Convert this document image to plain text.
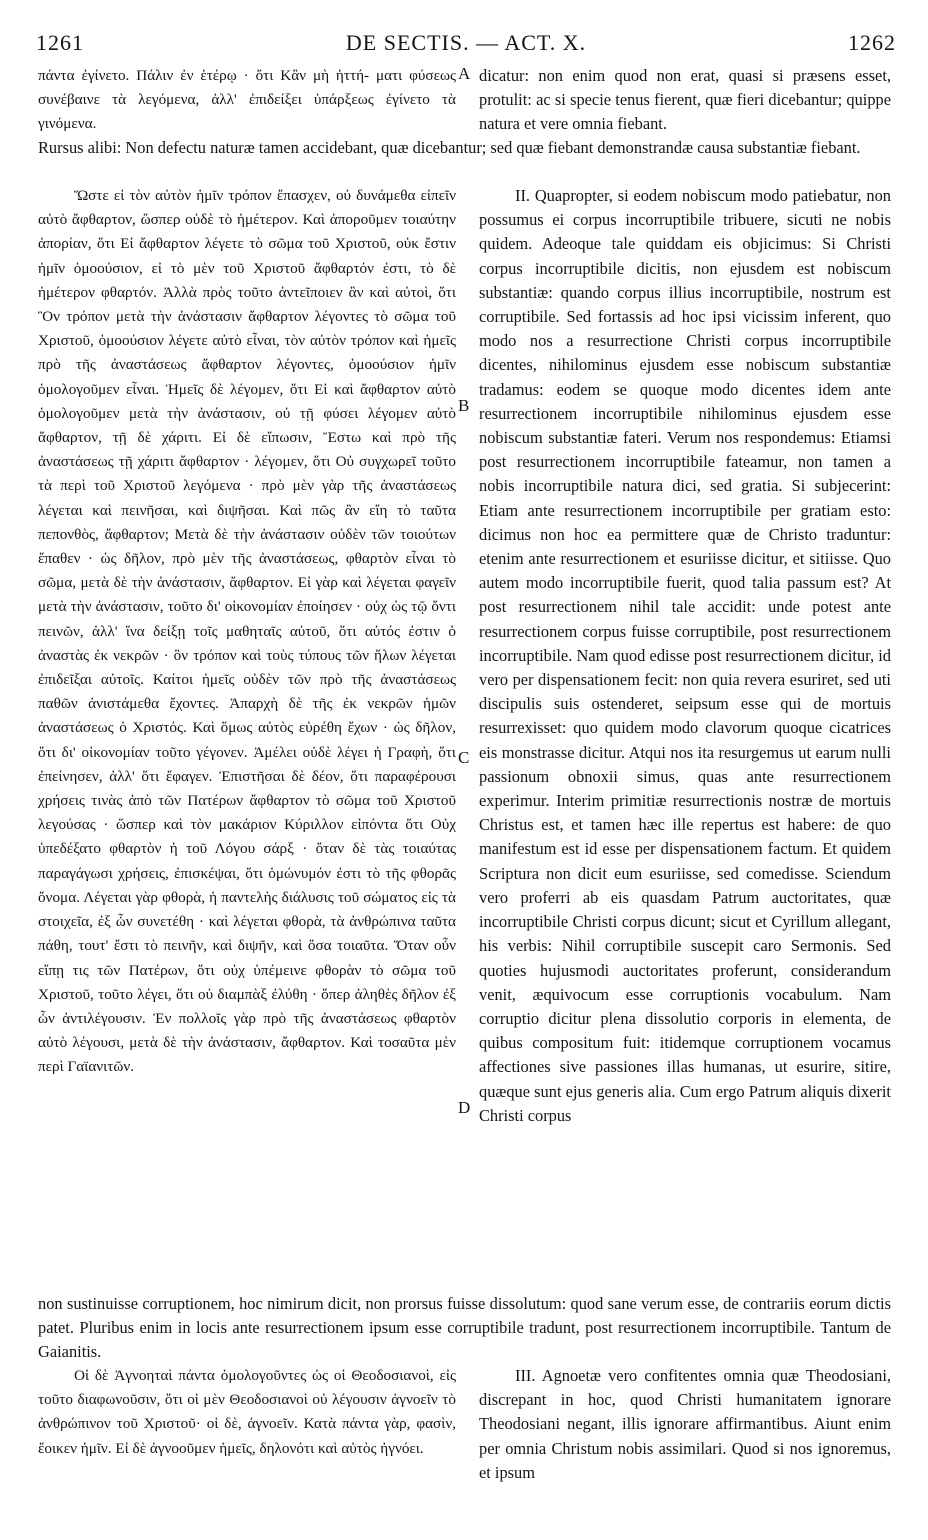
1261	DE SECTIS. — ACT. X.	1262

πάντα ἐγίνετο. Πάλιν ἐν ἑτέρῳ · ὅτι Κἂν μὴ ἡττή- ματι φύσεως συνέβαινε τὰ λεγόμενα, ἀλλ' ἐπιδείξει ὑπάρξεως ἐγίνετο τὰ γινόμενα.

dicatur: non enim quod non erat, quasi si præsens esset, protulit: ac si specie tenus fierent, quæ fieri dicebantur; quippe natura et vere omnia fiebant.

Rursus alibi: Non defectu naturæ tamen accidebant, quæ dicebantur; sed quæ fiebant demonstrandæ causa substantiæ fiebant.

Ὥστε εἰ τὸν αὐτὸν ἡμῖν τρόπον ἔπασχεν, οὐ δυνάμεθα εἰπεῖν αὐτὸ ἄφθαρτον, ὥσπερ οὐδὲ τὸ ἡμέτερον. Καὶ ἀποροῦμεν τοιαύτην ἀπορίαν, ὅτι Εἰ ἄφθαρτον λέγετε τὸ σῶμα τοῦ Χριστοῦ, οὐκ ἔστιν ἡμῖν ὁμοούσιον, εἰ τὸ μὲν τοῦ Χριστοῦ ἄφθαρτόν ἐστι, τὸ δὲ ἡμέτερον φθαρτόν. Ἀλλὰ πρὸς τοῦτο ἀντεῖποιεν ἂν καὶ αὐτοὶ, ὅτι Ὃν τρόπον μετὰ τὴν ἀνάστασιν ἄφθαρτον λέγοντες τὸ σῶμα τοῦ Χριστοῦ, ὁμοούσιον λέγετε αὐτὸ εἶναι, τὸν αὐτὸν τρόπον καὶ ἡμεῖς πρὸ τῆς ἀναστάσεως ἄφθαρτον λέγοντες, ὁμοούσιον ἡμῖν ὁμολογοῦμεν εἶναι. Ἡμεῖς δὲ λέγομεν, ὅτι Εἰ καὶ ἄφθαρτον αὐτὸ ὁμολογοῦμεν μετὰ τὴν ἀνάστασιν, οὐ τῇ φύσει λέγομεν αὐτὸ ἄφθαρτον, τῇ δὲ χάριτι. Εἰ δὲ εἴπωσιν, Ἔστω καὶ πρὸ τῆς ἀναστάσεως τῇ χάριτι ἄφθαρτον · λέγομεν, ὅτι Οὐ συγχωρεῖ τοῦτο τὰ περὶ τοῦ Χριστοῦ λεγόμενα · πρὸ μὲν γὰρ τῆς ἀναστάσεως λέγεται καὶ πεινῆσαι, καὶ διψῆσαι. Καὶ πῶς ἂν εἴη τὸ ταῦτα πεπονθὸς, ἄφθαρτον; Μετὰ δὲ τὴν ἀνάστασιν οὐδὲν τῶν τοιούτων ἔπαθεν · ὡς δῆλον, πρὸ μὲν τῆς ἀναστάσεως, φθαρτὸν εἶναι τὸ σῶμα, μετὰ δὲ τὴν ἀνάστασιν, ἄφθαρτον. Εἰ γὰρ καὶ λέγεται φαγεῖν μετὰ τὴν ἀνάστασιν, τοῦτο δι' οἰκονομίαν ἐποίησεν · οὐχ ὡς τῷ ὄντι πεινῶν, ἀλλ' ἵνα δείξῃ τοῖς μαθηταῖς αὐτοῦ, ὅτι αὐτός ἐστιν ὁ ἀναστὰς ἐκ νεκρῶν · ὃν τρόπον καὶ τοὺς τύπους τῶν ἥλων λέγεται ἐπιδεῖξαι αὐτοῖς. Καίτοι ἡμεῖς οὐδὲν τῶν πρὸ τῆς ἀναστάσεως παθῶν ἀνιστάμεθα ἔχοντες. Ἀπαρχὴ δὲ τῆς ἐκ νεκρῶν ἡμῶν ἀναστάσεως ὁ Χριστός. Καὶ ὅμως αὐτὸς εὑρέθη ἔχων · ὡς δῆλον, ὅτι δι' οἰκονομίαν τοῦτο γέγονεν. Ἀμέλει οὐδὲ λέγει ἡ Γραφὴ, ὅτι ἐπείνησεν, ἀλλ' ὅτι ἔφαγεν. Ἐπιστῆσαι δὲ δέον, ὅτι παραφέρουσι χρήσεις τινὰς ἀπὸ τῶν Πατέρων ἄφθαρτον τὸ σῶμα τοῦ Χριστοῦ λεγούσας · ὥσπερ καὶ τὸν μακάριον Κύριλλον εἰπόντα ὅτι Οὐχ ὑπεδέξατο φθαρτὸν ἡ τοῦ Λόγου σάρξ · ὅταν δὲ τὰς τοιαύτας παραγάγωσι χρήσεις, ἐπισκέψαι, ὅτι ὁμώνυμόν ἐστι τὸ τῆς φθορᾶς ὄνομα. Λέγεται γὰρ φθορὰ, ἡ παντελὴς διάλυσις τοῦ σώματος εἰς τὰ στοιχεῖα, ἐξ ὧν συνετέθη · καὶ λέγεται φθορὰ, τὰ ἀνθρώπινα ταῦτα πάθη, τουτ' ἔστι τὸ πεινῆν, καὶ διψῆν, καὶ ὅσα τοιαῦτα. Ὅταν οὖν εἴπῃ τις τῶν Πατέρων, ὅτι οὐχ ὑπέμεινε φθορὰν τὸ σῶμα τοῦ Χριστοῦ, τοῦτο λέγει, ὅτι οὐ διαμπὰξ ἐλύθη · ὅπερ ἀληθὲς δῆλον ἐξ ὧν ἀντιλέγουσιν. Ἐν πολλοῖς γὰρ πρὸ τῆς ἀναστάσεως φθαρτὸν αὐτὸ λέγουσι, μετὰ δὲ τὴν ἀνάστασιν, ἄφθαρτον. Καὶ τοσαῦτα μὲν περὶ Γαϊανιτῶν.

II. Quapropter, si eodem nobiscum modo patiebatur, non possumus ei corpus incorruptibile tribuere, sicuti ne nobis quidem. Adeoque tale quiddam eis objicimus: Si Christi corpus incorruptibile dicitis, non ejusdem est nobiscum substantiæ: quando corpus illius incorruptibile, nostrum est corruptibile. Sed fortassis ad hoc ipsi vicissim inferent, quo modo nos a resurrectione Christi corpus incorruptibile dicentes, nihilominus ejusdem esse nobiscum substantiæ tradamus: eodem se quoque modo dicentes idem ante resurrectionem incorruptibile nihilominus ejusdem esse nobiscum substantiæ fateri. Verum nos respondemus: Etiamsi post resurrectionem incorruptibile fateamur, non tamen a nobis incorruptibile natura dici, sed gratia. Si subjecerint: Etiam ante resurrectionem incorruptibile per gratiam esto: dicimus non hoc ea permittere quæ de Christo traduntur: etenim ante resurrectionem et esuriisse dicitur, et sitiisse. Quo autem modo incorruptibile fuerit, quod talia passum est? At post resurrectionem nihil tale accidit: unde potest ante resurrectionem corpus fuisse corruptibile, post resurrectionem incorruptibile. Nam quod edisse post resurrectionem dicitur, id vero per dispensationem fecit: non quia revera esuriret, sed uti discipulis suis ostenderet, seipsum esse qui de mortuis resurrexisset: quo quidem modo clavorum quoque cicatrices eis monstrasse dicitur. Atqui nos ita resurgemus ut earum nulli passionum obnoxii simus, quas ante resurrectionem experimur. Interim primitiæ resurrectionis nostræ de mortuis Christus est, et tamen hæc ille repertus est habere: de quo manifestum est id esse per dispensationem factum. Et quidem Scriptura non dicit eum esuriisse, sed comedisse. Sciendum vero proferri ab eis quasdam Patrum auctoritates, quæ incorruptibile Christi corpus dicunt; sicut et Cyrillum allegant, his verbis: Nihil corruptibile suscepit caro Sermonis. Sed quoties hujusmodi auctoritates proferunt, considerandum venit, æquivocum esse corruptionis vocabulum. Nam corruptio dicitur plena dissolutio corporis in elementa, de quibus compositum fuit: itidemque corruptionem vocamus affectiones sive passiones illas humanas, ut esurire, sitire, quæque sunt ejus generis alia. Cum ergo Patrum aliquis dixerit Christi corpus

A
B
C
D

non sustinuisse corruptionem, hoc nimirum dicit, non prorsus fuisse dissolutum: quod sane verum esse, de contrariis eorum dictis patet. Pluribus enim in locis ante resurrectionem ipsum esse corruptibile tradunt, post resurrectionem incorruptibile. Tantum de Gaianitis.

Οἱ δὲ Ἀγνοηταὶ πάντα ὁμολογοῦντες ὡς οἱ Θεοδοσιανοὶ, εἰς τοῦτο διαφωνοῦσιν, ὅτι οἱ μὲν Θεοδοσιανοὶ οὐ λέγουσιν ἀγνοεῖν τὸ ἀνθρώπινον τοῦ Χριστοῦ· οἱ δὲ, ἀγνοεῖν. Κατὰ πάντα γὰρ, φασὶν, ἔοικεν ἡμῖν. Εἰ δὲ ἀγνοοῦμεν ἡμεῖς, δηλονότι καὶ αὐτὸς ἠγνόει.

III. Agnoetæ vero confitentes omnia quæ Theodosiani, discrepant in hoc, quod Christi humanitatem ignorare Theodosiani negant, illis ignorare affirmantibus. Aiunt enim per omnia Christum nobis assimilari. Quod si nos ignoremus, et ipsum
